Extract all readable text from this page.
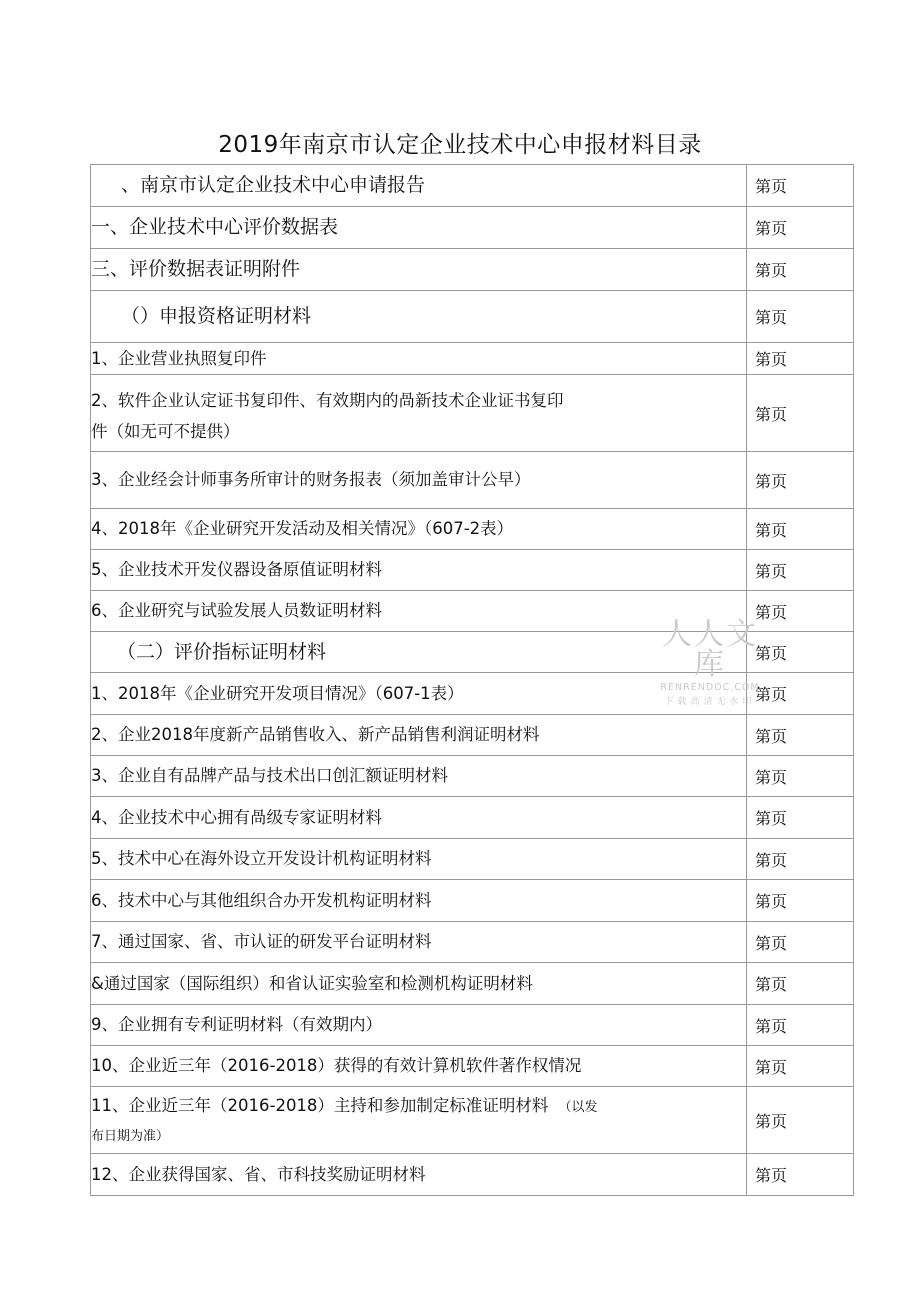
2019年南京市认定企业技术中心申报材料目录
、南京市认定企业技术中心申请报告	第页

一、企业技术中心评价数据表	第页

三、评价数据表证明附件	第页

（）申报资格证明材料	第页

1、企业营业执照复印件	第页

2、软件企业认定证书复印件、有效期内的咼新技术企业证书复印
件（如无可不提供）	第页

3、企业经会计师事务所审计的财务报表（须加盖审计公早）	第页

4、2018年《企业研究开发活动及相关情况》（607-2表）	第页

5、企业技术开发仪器设备原值证明材料	第页

6、企业研究与试验发展人员数证明材料	第页

（二）评价指标证明材料	第页

1、2018年《企业研究开发项目情况》（607-1表）	第页

2、企业2018年度新产品销售收入、新产品销售利润证明材料	第页

3、企业自有品牌产品与技术出口创汇额证明材料	第页

4、企业技术中心拥有咼级专家证明材料	第页

5、技术中心在海外设立开发设计机构证明材料	第页

6、技术中心与其他组织合办开发机构证明材料	第页

7、通过国家、省、市认证的研发平台证明材料	第页

&通过国家（国际组织）和省认证实验室和检测机构证明材料	第页

9、企业拥有专利证明材料（有效期内）	第页

10、企业近三年（2016-2018）获得的有效计算机软件著作权情况	第页

11、企业近三年（2016-2018）主持和参加制定标准证明材料 （以发
布日期为准）	第页

12、企业获得国家、省、市科技奖励证明材料	第页
人人文库
RENRENDOC.COM
下载高清无水印
